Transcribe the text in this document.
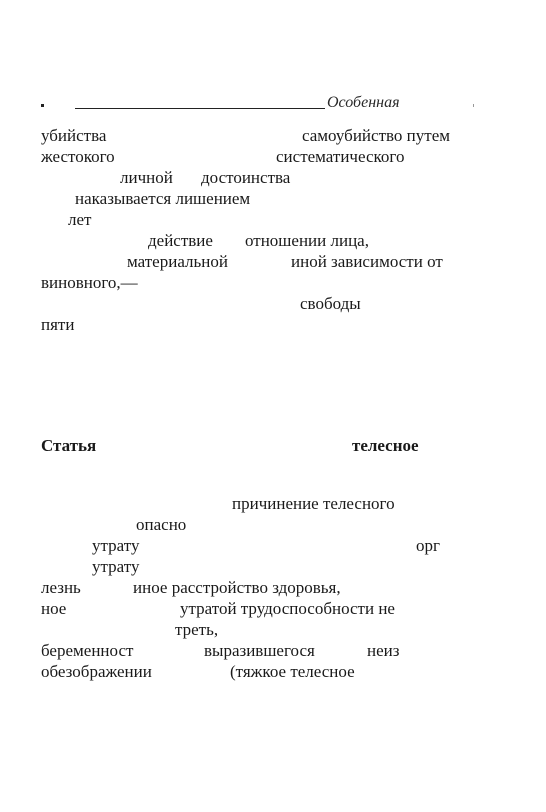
Особенная
убийства	самоубийство путем
жестокого	систематического
личной достоинства
наказывается лишением
лет
действие отношении лица,
материальной	иной зависимости от
виновного,—
свободы
пяти
Статья	телесное
причинение телесного
опасно
утрату	орг
утрату
лезнь	иное расстройство здоровья,
ное	утратой трудоспособности не
треть,
беременност	выразившегося	неиз
обезображении	(тяжкое телесное
